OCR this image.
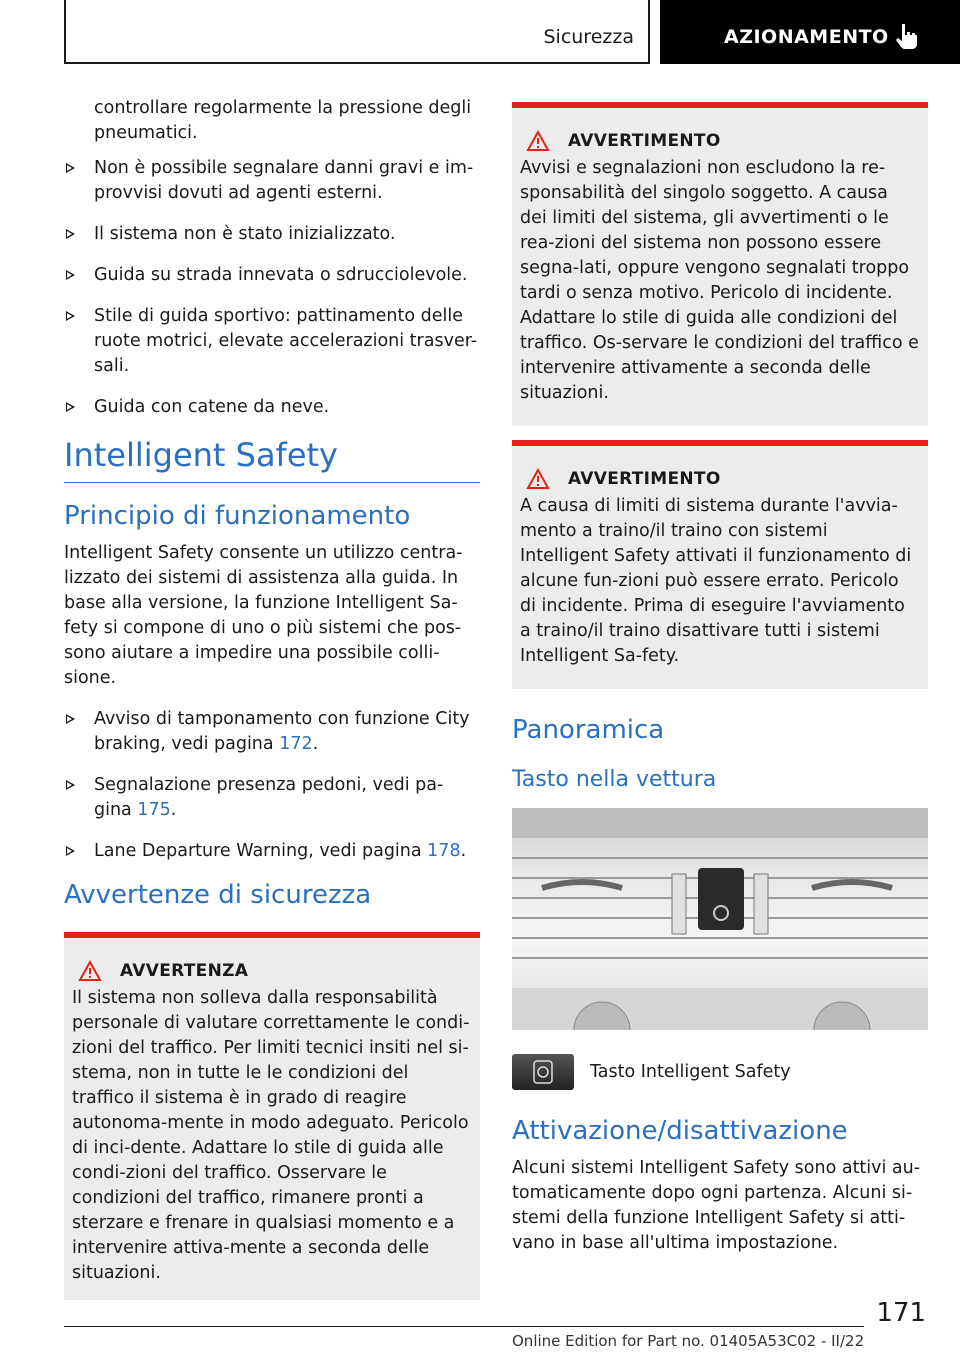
Sicurezza	AZIONAMENTO

controllare regolarmente la pressione degli pneumatici.

Non è possibile segnalare danni gravi e im-provvisi dovuti ad agenti esterni.
Il sistema non è stato inizializzato.
Guida su strada innevata o sdrucciolevole.
Stile di guida sportivo: pattinamento delle ruote motrici, elevate accelerazioni trasver-sali.
Guida con catene da neve.
Intelligent Safety
Principio di funzionamento

Intelligent Safety consente un utilizzo centra-lizzato dei sistemi di assistenza alla guida. In base alla versione, la funzione Intelligent Sa-fety si compone di uno o più sistemi che pos-sono aiutare a impedire una possibile colli-sione.

Avviso di tamponamento con funzione City braking, vedi pagina 172.
Segnalazione presenza pedoni, vedi pa-gina 175.
Lane Departure Warning, vedi pagina 178.
Avvertenze di sicurezza
AVVERTENZA

Il sistema non solleva dalla responsabilità personale di valutare correttamente le condi-zioni del traffico. Per limiti tecnici insiti nel si-stema, non in tutte le le condizioni del traffico il sistema è in grado di reagire autonoma-mente in modo adeguato. Pericolo di inci-dente. Adattare lo stile di guida alle condi-zioni del traffico. Osservare le condizioni del traffico, rimanere pronti a sterzare e frenare in qualsiasi momento e a intervenire attiva-mente a seconda delle situazioni.

AVVERTIMENTO

Avvisi e segnalazioni non escludono la re-sponsabilità del singolo soggetto. A causa dei limiti del sistema, gli avvertimenti o le rea-zioni del sistema non possono essere segna-lati, oppure vengono segnalati troppo tardi o senza motivo. Pericolo di incidente. Adattare lo stile di guida alle condizioni del traffico. Os-servare le condizioni del traffico e intervenire attivamente a seconda delle situazioni.

AVVERTIMENTO

A causa di limiti di sistema durante l'avvia-mento a traino/il traino con sistemi Intelligent Safety attivati il funzionamento di alcune fun-zioni può essere errato. Pericolo di incidente. Prima di eseguire l'avviamento a traino/il traino disattivare tutti i sistemi Intelligent Sa-fety.

Panoramica
Tasto nella vettura

Tasto Intelligent Safety

Attivazione/disattivazione

Alcuni sistemi Intelligent Safety sono attivi au-tomaticamente dopo ogni partenza. Alcuni si-stemi della funzione Intelligent Safety si atti-vano in base all'ultima impostazione.

171
Online Edition for Part no. 01405A53C02 - II/22
